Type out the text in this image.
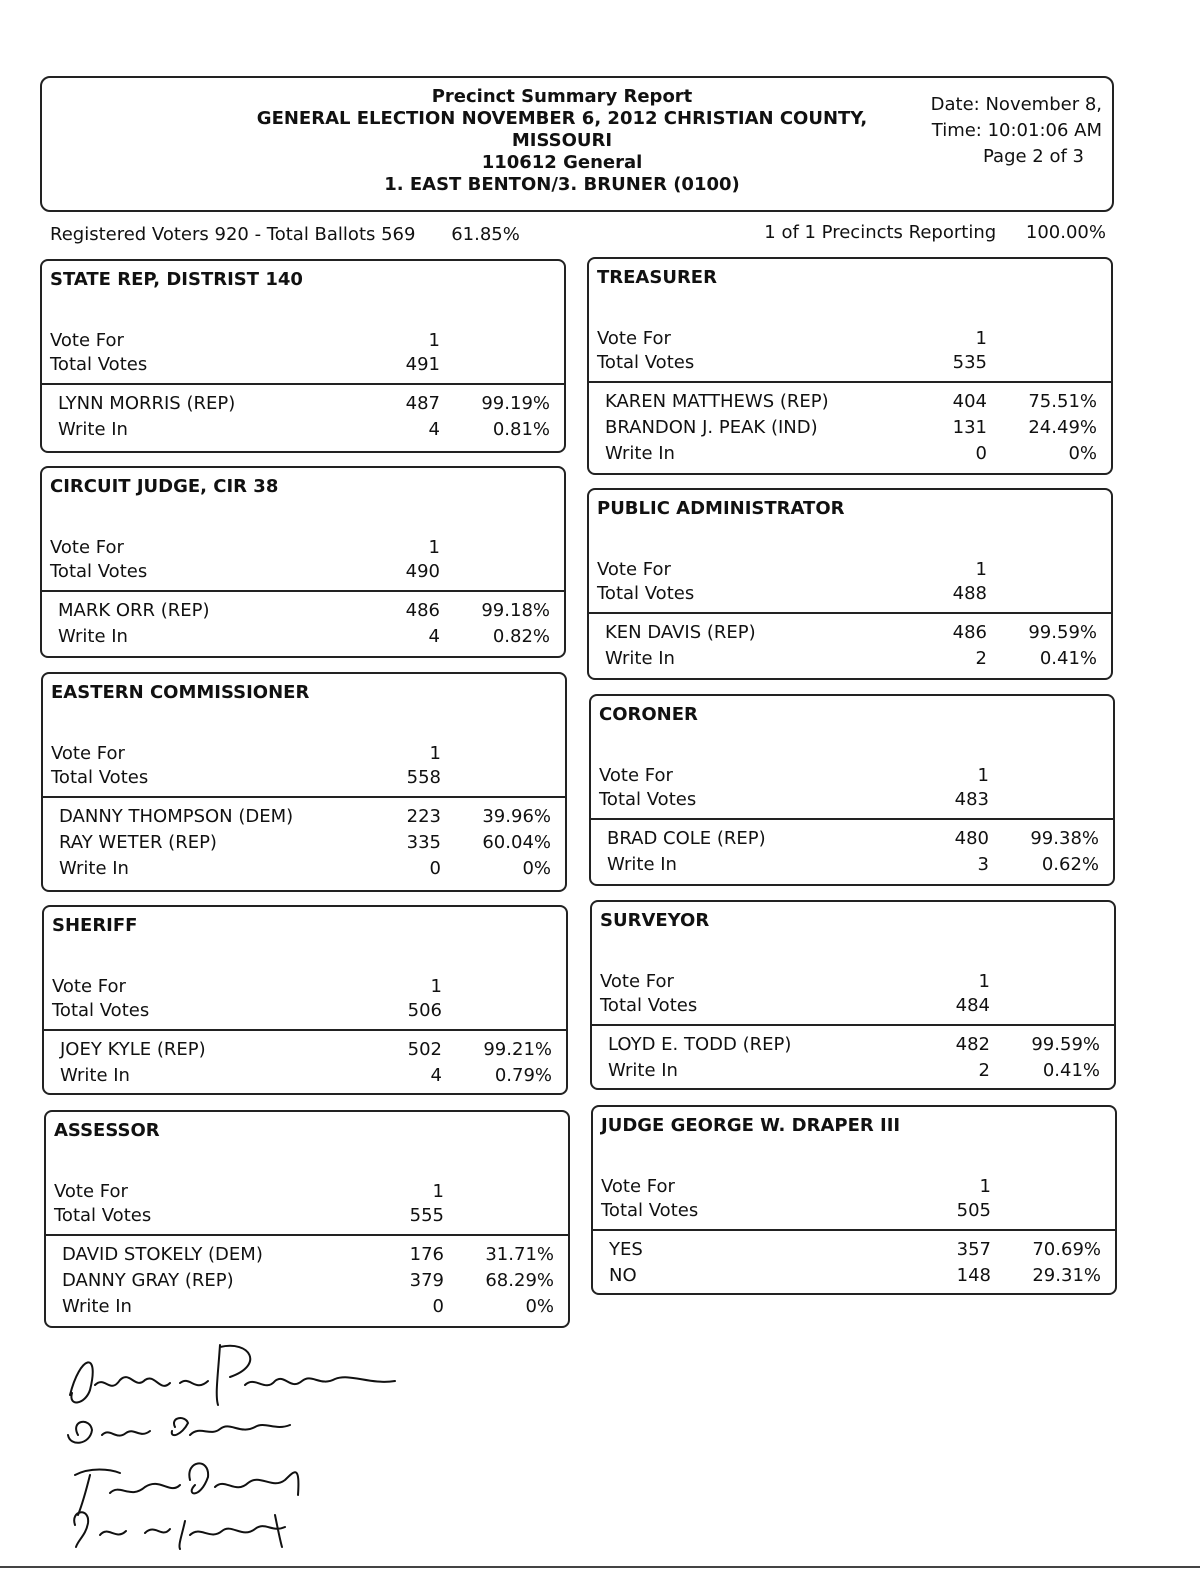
Precinct Summary Report
GENERAL ELECTION NOVEMBER 6, 2012 CHRISTIAN COUNTY,
MISSOURI
110612 General
1. EAST BENTON/3. BRUNER (0100)
Date: November 8,
Time: 10:01:06 AM
Page 2 of 3
Registered Voters 920 - Total Ballots 569 61.85%	1 of 1 Precincts Reporting 100.00%
STATE REP, DISTRIST 140
Vote For	1
Total Votes	491
LYNN MORRIS (REP)	487	99.19%
Write In	4	0.81%
CIRCUIT JUDGE, CIR 38
Vote For	1
Total Votes	490
MARK ORR (REP)	486	99.18%
Write In	4	0.82%
EASTERN COMMISSIONER
Vote For	1
Total Votes	558
DANNY THOMPSON (DEM)	223	39.96%
RAY WETER (REP)	335	60.04%
Write In	0	0%
SHERIFF
Vote For	1
Total Votes	506
JOEY KYLE (REP)	502	99.21%
Write In	4	0.79%
ASSESSOR
Vote For	1
Total Votes	555
DAVID STOKELY (DEM)	176	31.71%
DANNY GRAY (REP)	379	68.29%
Write In	0	0%
TREASURER
Vote For	1
Total Votes	535
KAREN MATTHEWS (REP)	404	75.51%
BRANDON J. PEAK (IND)	131	24.49%
Write In	0	0%
PUBLIC ADMINISTRATOR
Vote For	1
Total Votes	488
KEN DAVIS (REP)	486	99.59%
Write In	2	0.41%
CORONER
Vote For	1
Total Votes	483
BRAD COLE (REP)	480	99.38%
Write In	3	0.62%
SURVEYOR
Vote For	1
Total Votes	484
LOYD E. TODD (REP)	482	99.59%
Write In	2	0.41%
JUDGE GEORGE W. DRAPER III
Vote For	1
Total Votes	505
YES	357	70.69%
NO	148	29.31%
